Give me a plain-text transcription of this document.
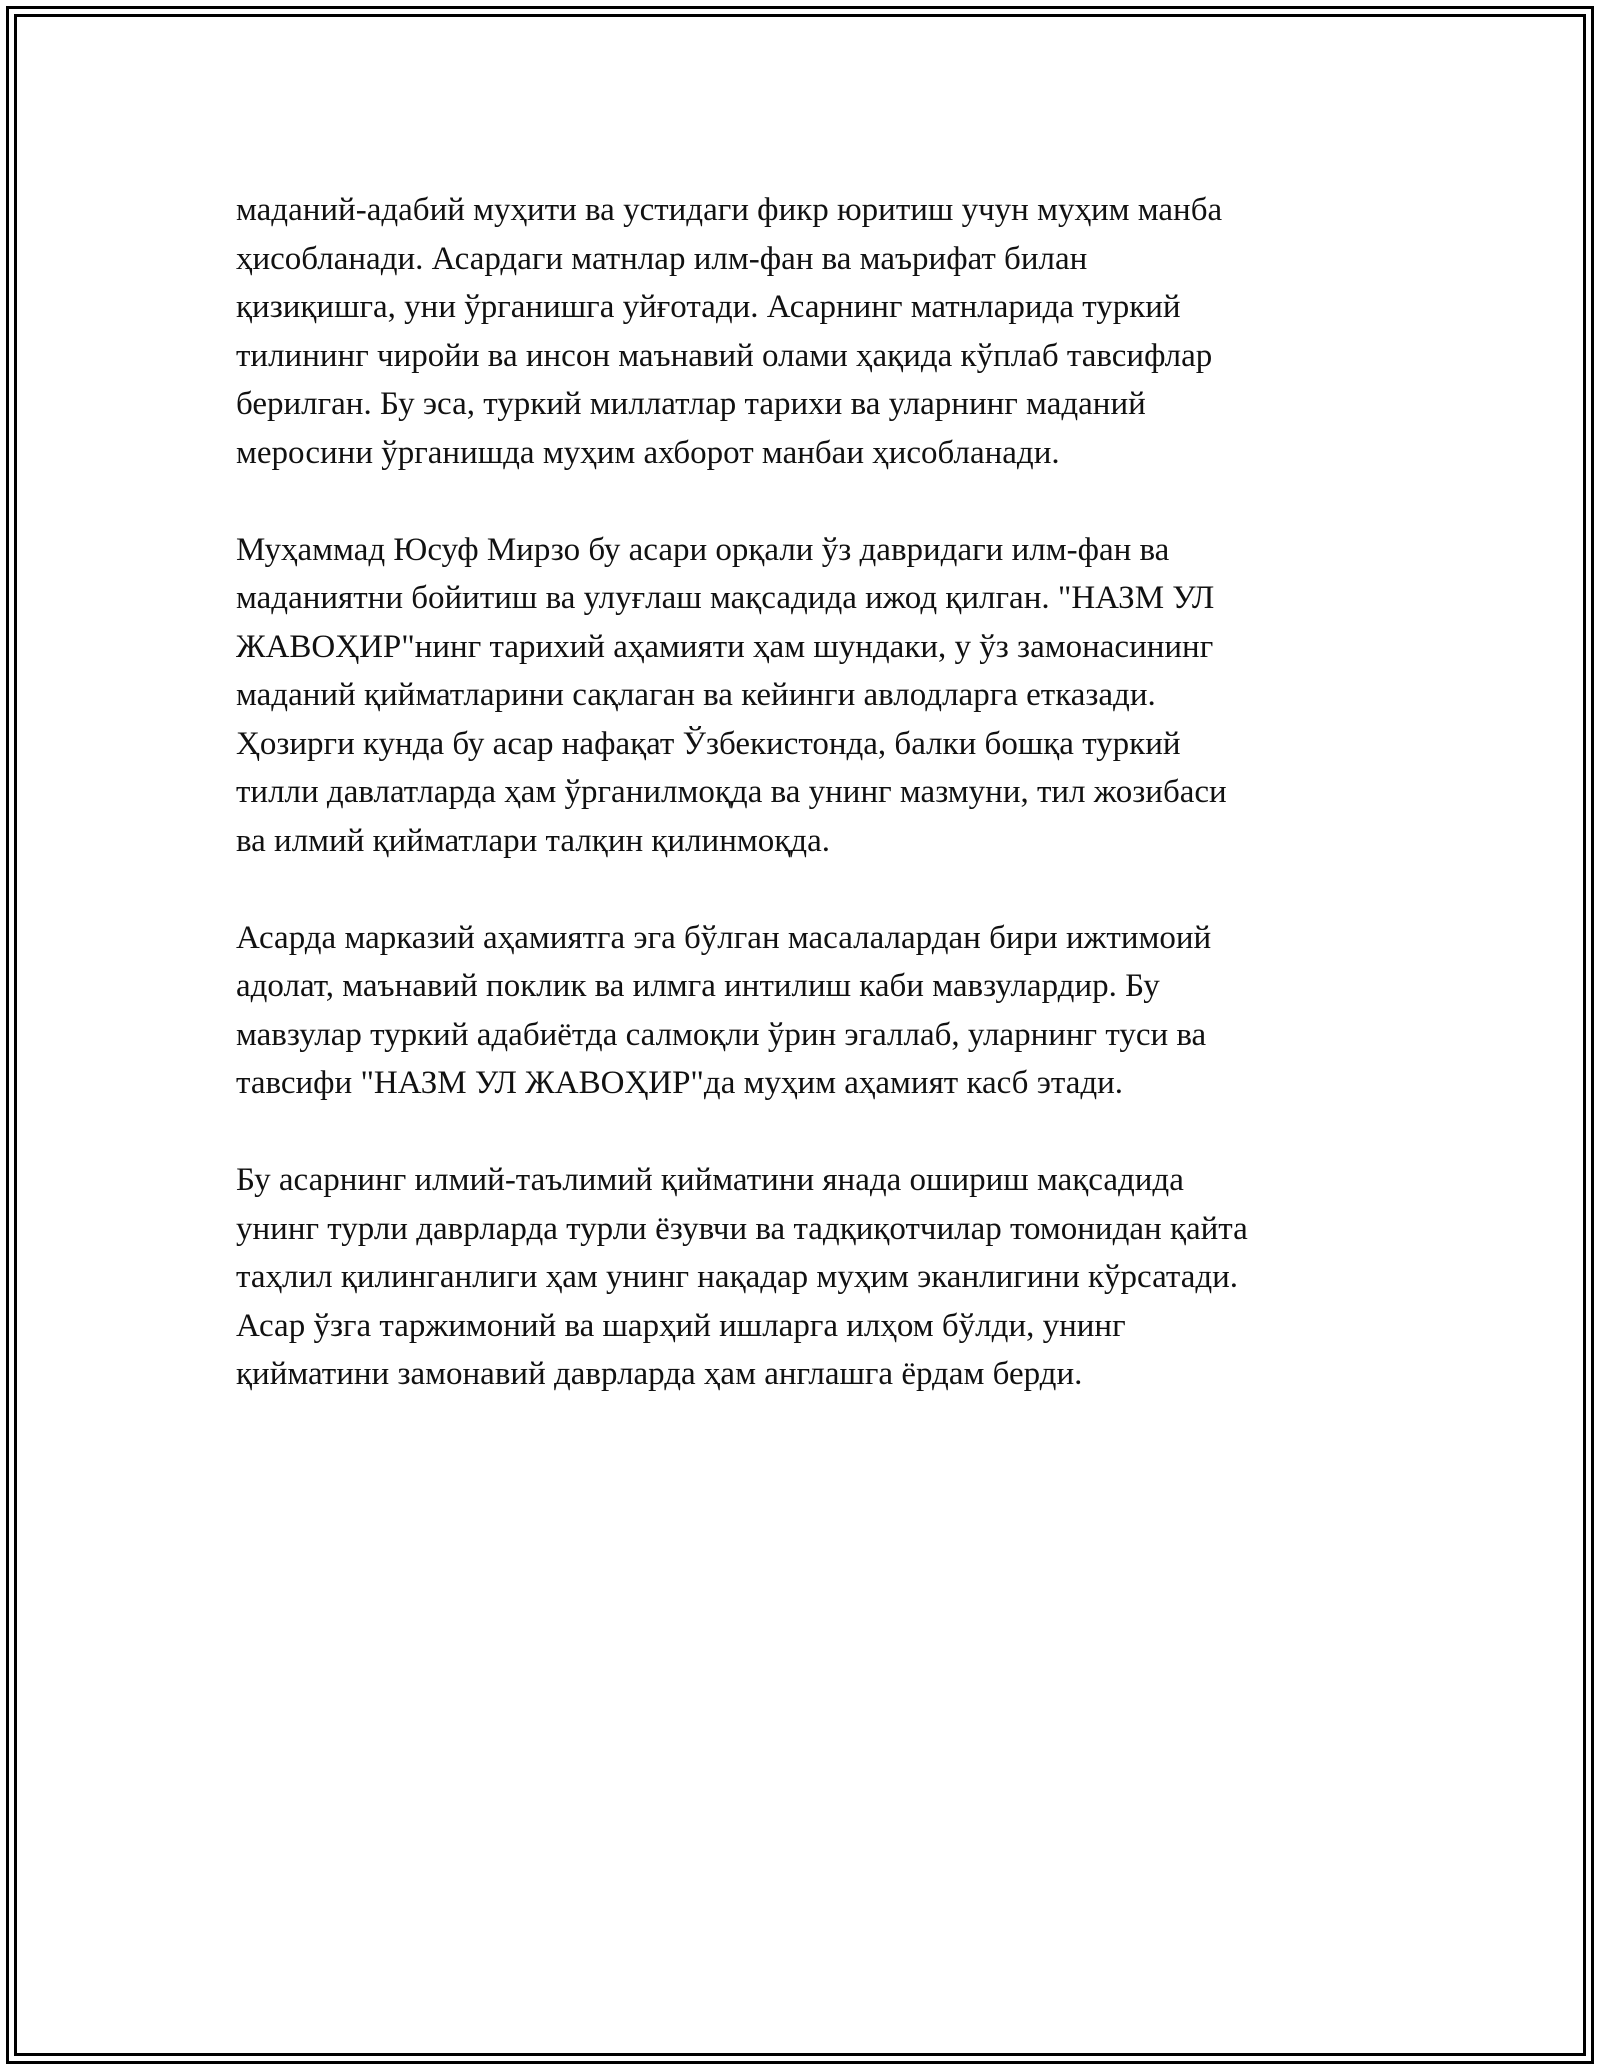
маданий-адабий муҳити ва устидаги фикр юритиш учун муҳим манба
ҳисобланади. Асардаги матнлар илм-фан ва маърифат билан
қизиқишга, уни ўрганишга уйғотади. Асарнинг матнларида туркий
тилининг чиройи ва инсон маънавий олами ҳақида кўплаб тавсифлар
берилган. Бу эса, туркий миллатлар тарихи ва уларнинг маданий
меросини ўрганишда муҳим ахборот манбаи ҳисобланади.

Муҳаммад Юсуф Мирзо бу асари орқали ўз давридаги илм-фан ва
маданиятни бойитиш ва улуғлаш мақсадида ижод қилган. "НАЗМ УЛ
ЖАВОҲИР"нинг тарихий аҳамияти ҳам шундаки, у ўз замонасининг
маданий қийматларини сақлаган ва кейинги авлодларга етказади.
Ҳозирги кунда бу асар нафақат Ўзбекистонда, балки бошқа туркий
тилли давлатларда ҳам ўрганилмоқда ва унинг мазмуни, тил жозибаси
ва илмий қийматлари талқин қилинмоқда.

Асарда марказий аҳамиятга эга бўлган масалалардан бири ижтимоий
адолат, маънавий поклик ва илмга интилиш каби мавзулардир. Бу
мавзулар туркий адабиётда салмоқли ўрин эгаллаб, уларнинг туси ва
тавсифи "НАЗМ УЛ ЖАВОҲИР"да муҳим аҳамият касб этади.

Бу асарнинг илмий-таълимий қийматини янада ошириш мақсадида
унинг турли даврларда турли ёзувчи ва тадқиқотчилар томонидан қайта
таҳлил қилинганлиги ҳам унинг нақадар муҳим эканлигини кўрсатади.
Асар ўзга таржимоний ва шарҳий ишларга илҳом бўлди, унинг
қийматини замонавий даврларда ҳам англашга ёрдам берди.
